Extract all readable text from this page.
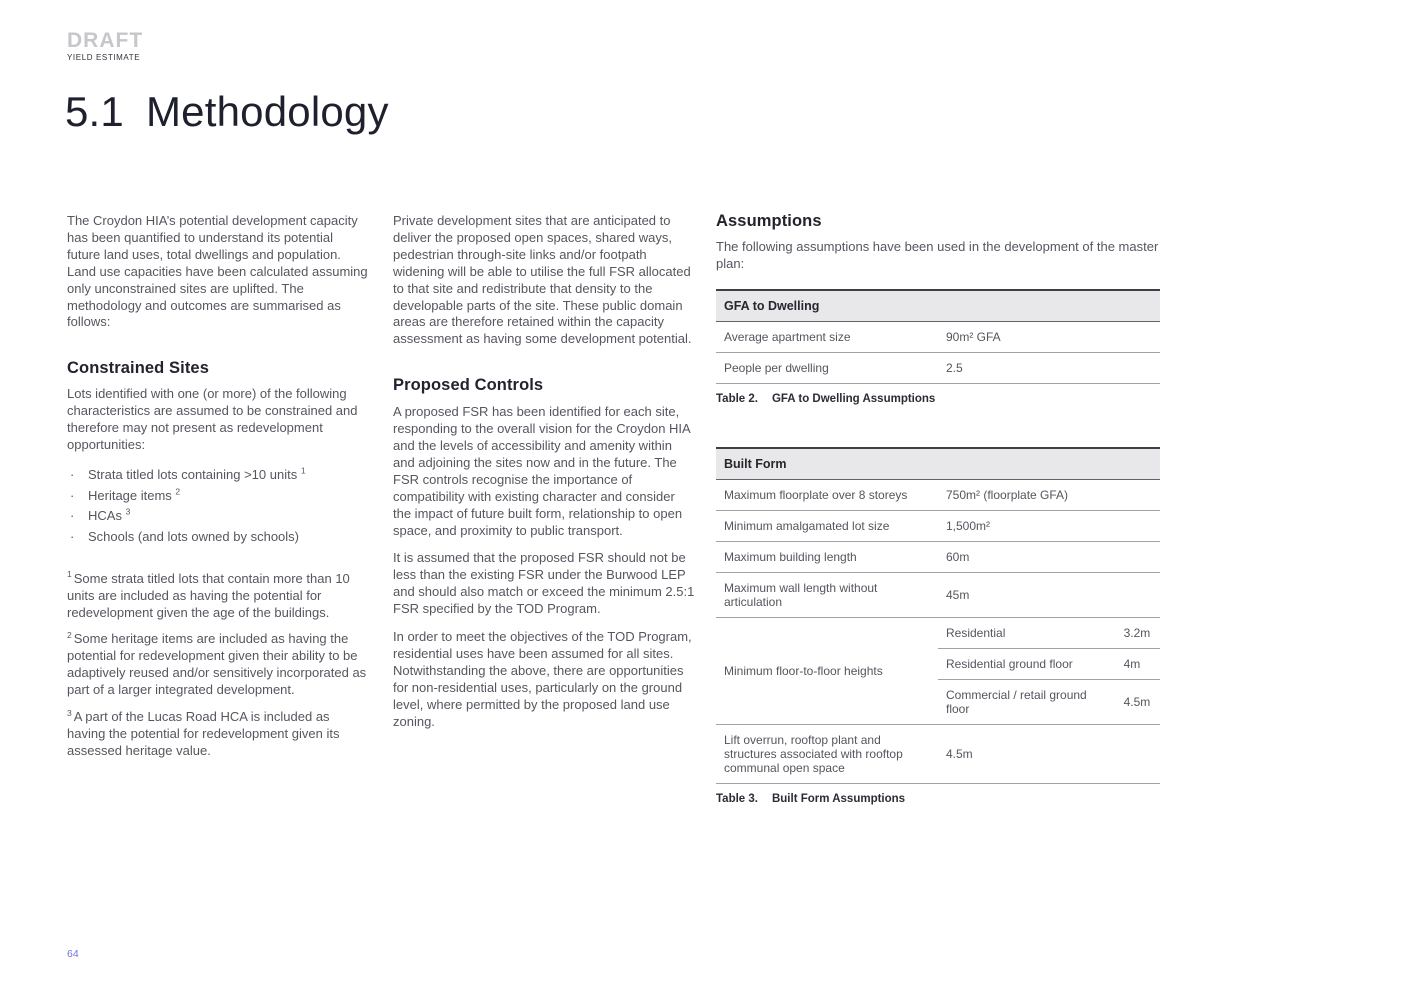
DRAFT
YIELD ESTIMATE
5.1 Methodology

The Croydon HIA’s potential development capacity has been quantified to understand its potential future land uses, total dwellings and population. Land use capacities have been calculated assuming only unconstrained sites are uplifted. The methodology and outcomes are summarised as follows:

Constrained Sites

Lots identified with one (or more) of the following characteristics are assumed to be constrained and therefore may not present as redevelopment opportunities:

·	Strata titled lots containing >10 units $^1$
·	Heritage items $^2$
·	HCAs $^3$
·	Schools (and lots owned by schools)

$^1$ Some strata titled lots that contain more than 10 units are included as having the potential for redevelopment given the age of the buildings.

$^2$ Some heritage items are included as having the potential for redevelopment given their ability to be adaptively reused and/or sensitively incorporated as part of a larger integrated development.

$^3$ A part of the Lucas Road HCA is included as having the potential for redevelopment given its assessed heritage value.

Private development sites that are anticipated to deliver the proposed open spaces, shared ways, pedestrian through-site links and/or footpath widening will be able to utilise the full FSR allocated to that site and redistribute that density to the developable parts of the site. These public domain areas are therefore retained within the capacity assessment as having some development potential.

Proposed Controls

A proposed FSR has been identified for each site, responding to the overall vision for the Croydon HIA and the levels of accessibility and amenity within and adjoining the sites now and in the future. The FSR controls recognise the importance of compatibility with existing character and consider the impact of future built form, relationship to open space, and proximity to public transport.

It is assumed that the proposed FSR should not be less than the existing FSR under the Burwood LEP and should also match or exceed the minimum 2.5:1 FSR specified by the TOD Program.

In order to meet the objectives of the TOD Program, residential uses have been assumed for all sites. Notwithstanding the above, there are opportunities for non-residential uses, particularly on the ground level, where permitted by the proposed land use zoning.

Assumptions

The following assumptions have been used in the development of the master plan:

GFA to Dwelling	
Average apartment size	90m² GFA
People per dwelling	2.5
Table 2. GFA to Dwelling Assumptions
Built Form		
Maximum floorplate over 8 storeys	750m² (floorplate GFA)	
Minimum amalgamated lot size	1,500m²	
Maximum building length	60m	
Maximum wall length without articulation	45m	
Minimum floor-to-floor heights	Residential	3.2m
	Residential ground floor	4m
	Commercial / retail ground floor	4.5m
Lift overrun, rooftop plant and structures associated with rooftop communal open space	4.5m	
Table 3. Built Form Assumptions
64
